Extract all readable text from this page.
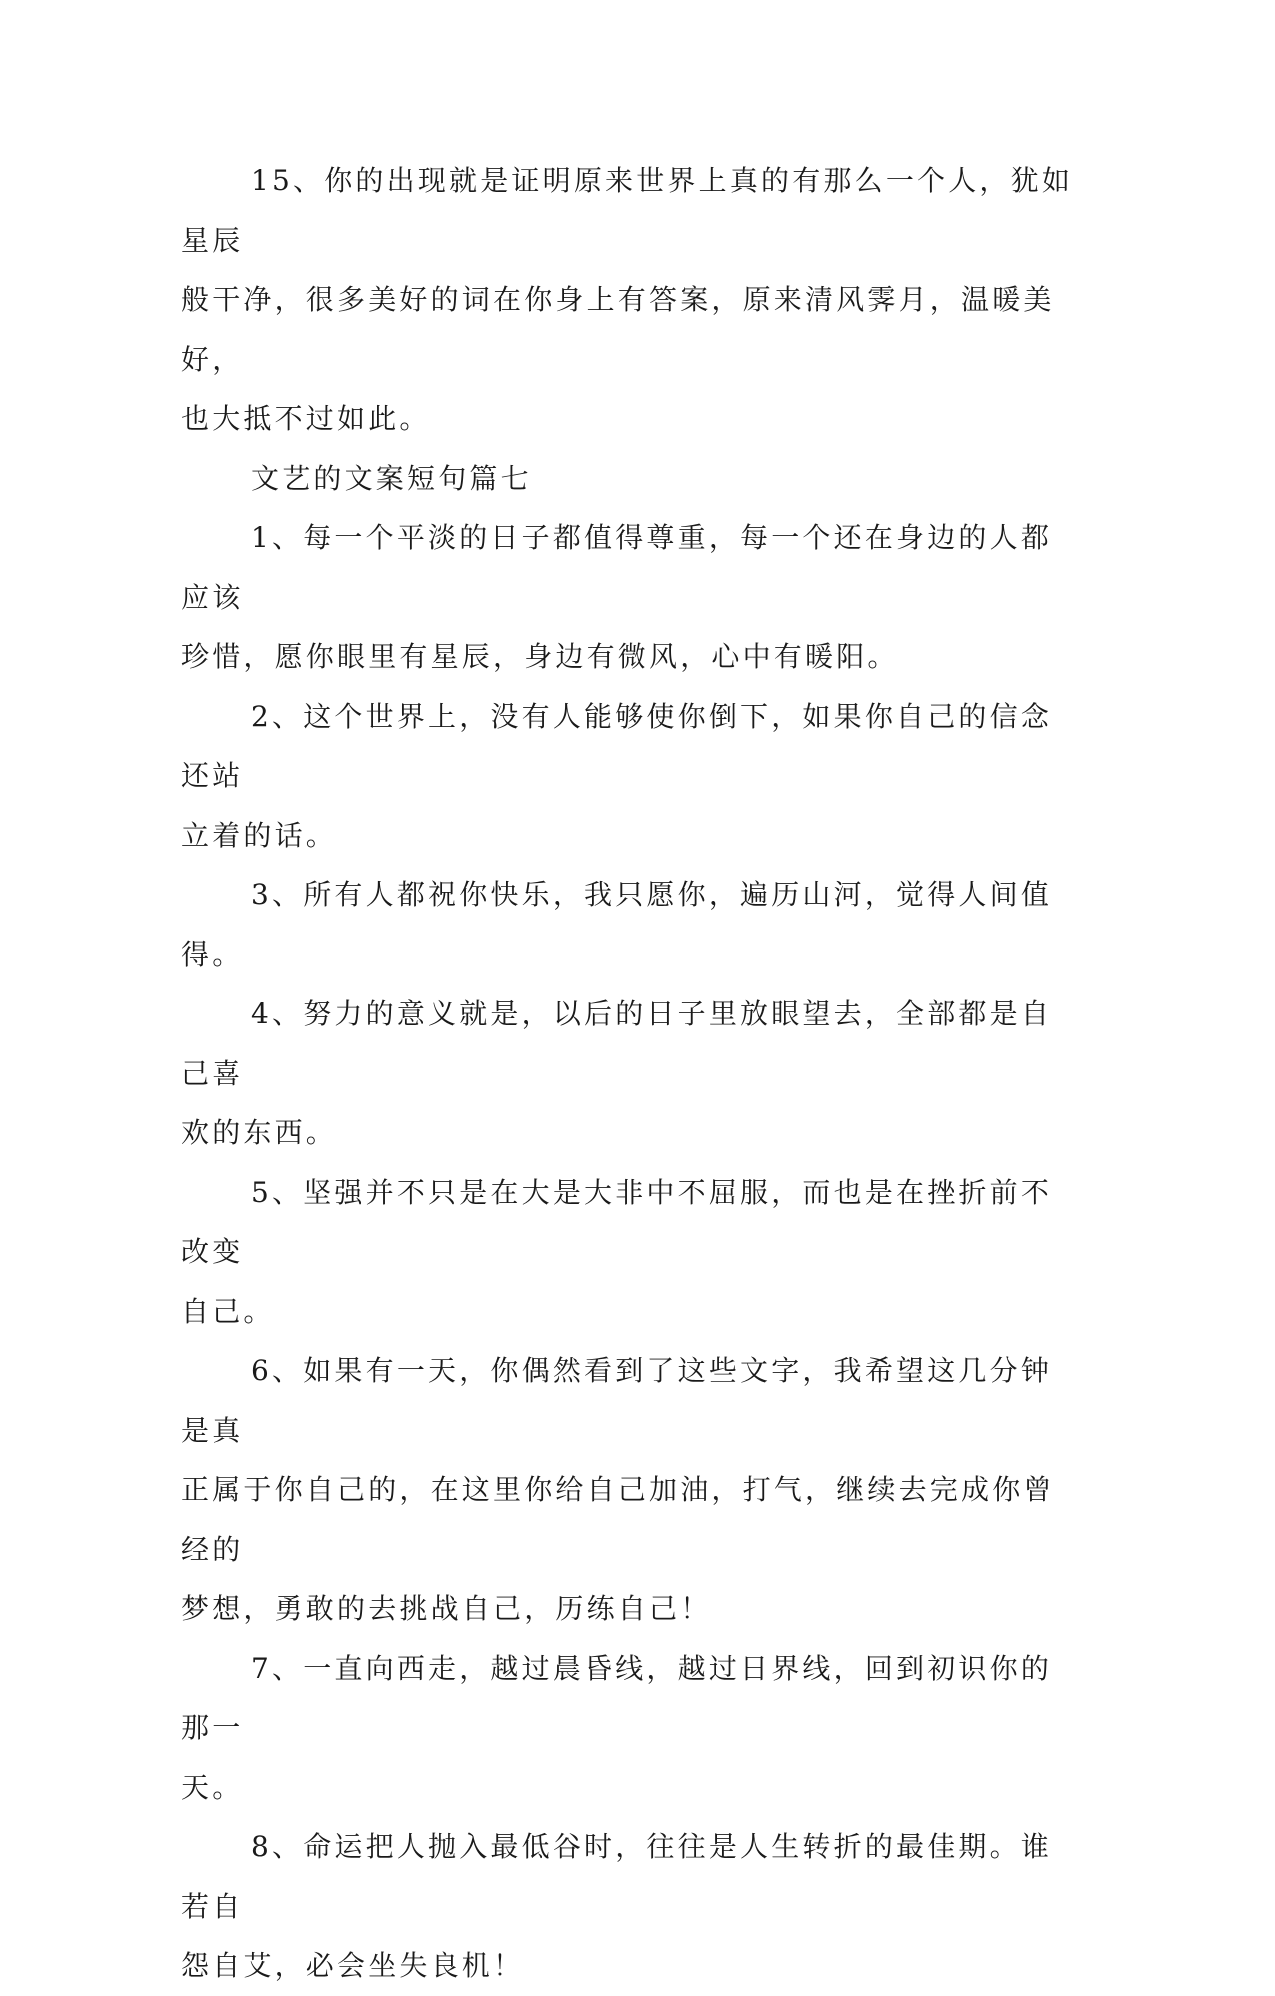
15、你的出现就是证明原来世界上真的有那么一个人，犹如星辰
般干净，很多美好的词在你身上有答案，原来清风霁月，温暖美好，
也大抵不过如此。

文艺的文案短句篇七

1、每一个平淡的日子都值得尊重，每一个还在身边的人都应该
珍惜，愿你眼里有星辰，身边有微风，心中有暖阳。

2、这个世界上，没有人能够使你倒下，如果你自己的信念还站
立着的话。

3、所有人都祝你快乐，我只愿你，遍历山河，觉得人间值得。

4、努力的意义就是，以后的日子里放眼望去，全部都是自己喜
欢的东西。

5、坚强并不只是在大是大非中不屈服，而也是在挫折前不改变
自己。

6、如果有一天，你偶然看到了这些文字，我希望这几分钟是真
正属于你自己的，在这里你给自己加油，打气，继续去完成你曾经的
梦想，勇敢的去挑战自己，历练自己！

7、一直向西走，越过晨昏线，越过日界线，回到初识你的那一
天。

8、命运把人抛入最低谷时，往往是人生转折的最佳期。谁若自
怨自艾，必会坐失良机！
